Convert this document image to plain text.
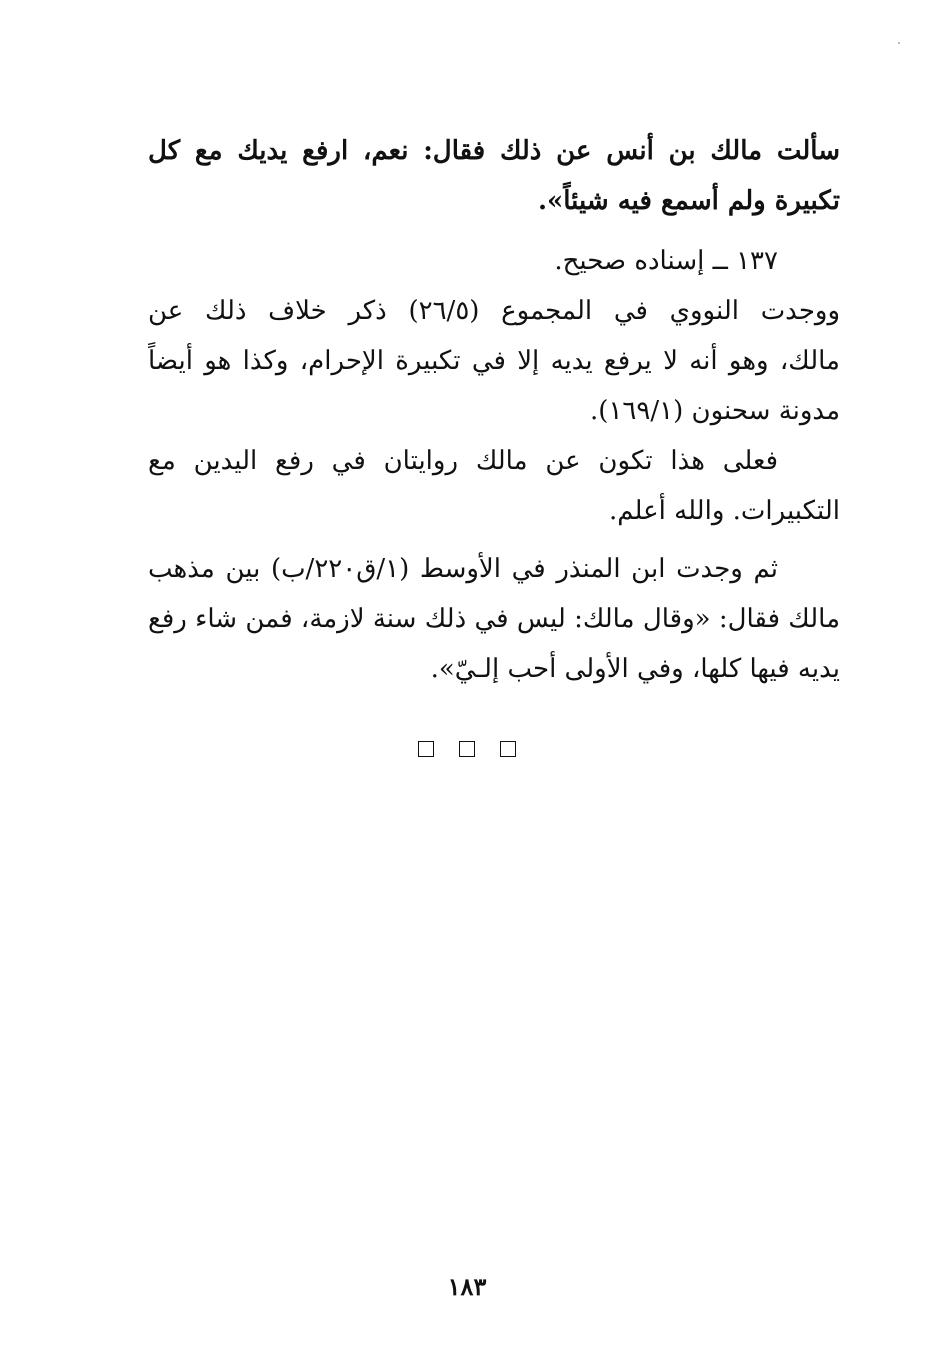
سألت مالك بن أنس عن ذلك فقال: نعم، ارفع يديك مع كل
تكبيرة ولم أسمع فيه شيئاً».
١٣٧ ــ إسناده صحيح.
ووجدت النووي في المجموع (٢٦/٥) ذكر خلاف ذلك عن
مالك، وهو أنه لا يرفع يديه إلا في تكبيرة الإحرام، وكذا هو أيضاً
مدونة سحنون (١٦٩/١).
فعلى هذا تكون عن مالك روايتان في رفع اليدين مع
التكبيرات. والله أعلم.
ثم وجدت ابن المنذر في الأوسط (١/ق٢٢٠/ب) بين مذهب
مالك فقال: «وقال مالك: ليس في ذلك سنة لازمة، فمن شاء رفع
يديه فيها كلها، وفي الأولى أحب إلـيّ».

١٨٣
